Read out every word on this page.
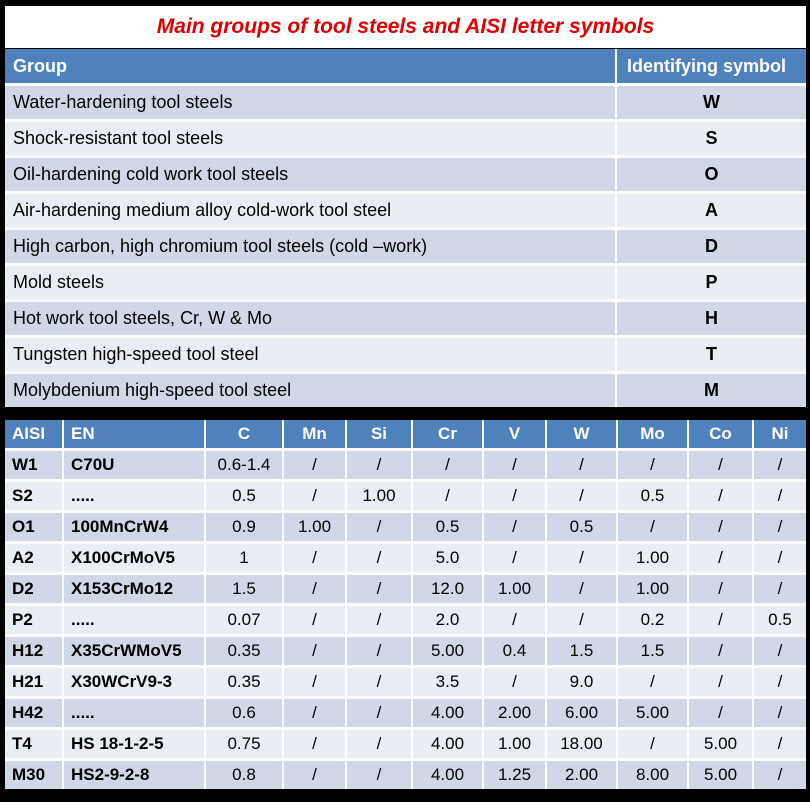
Main groups of tool steels and AISI letter symbols
Group	Identifying symbol
Water-hardening tool steels	W
Shock-resistant tool steels	S
Oil-hardening cold work tool steels	O
Air-hardening medium alloy cold-work tool steel	A
High carbon, high chromium tool steels (cold –work)	D
Mold steels	P
Hot work tool steels, Cr, W & Mo	H
Tungsten high-speed tool steel	T
Molybdenium high-speed tool steel	M
AISI	EN	C	Mn	Si	Cr	V	W	Mo	Co	Ni
W1	C70U	0.6-1.4	/	/	/	/	/	/	/	/
S2	.....	0.5	/	1.00	/	/	/	0.5	/	/
O1	100MnCrW4	0.9	1.00	/	0.5	/	0.5	/	/	/
A2	X100CrMoV5	1	/	/	5.0	/	/	1.00	/	/
D2	X153CrMo12	1.5	/	/	12.0	1.00	/	1.00	/	/
P2	.....	0.07	/	/	2.0	/	/	0.2	/	0.5
H12	X35CrWMoV5	0.35	/	/	5.00	0.4	1.5	1.5	/	/
H21	X30WCrV9-3	0.35	/	/	3.5	/	9.0	/	/	/
H42	.....	0.6	/	/	4.00	2.00	6.00	5.00	/	/
T4	HS 18-1-2-5	0.75	/	/	4.00	1.00	18.00	/	5.00	/
M30	HS2-9-2-8	0.8	/	/	4.00	1.25	2.00	8.00	5.00	/
